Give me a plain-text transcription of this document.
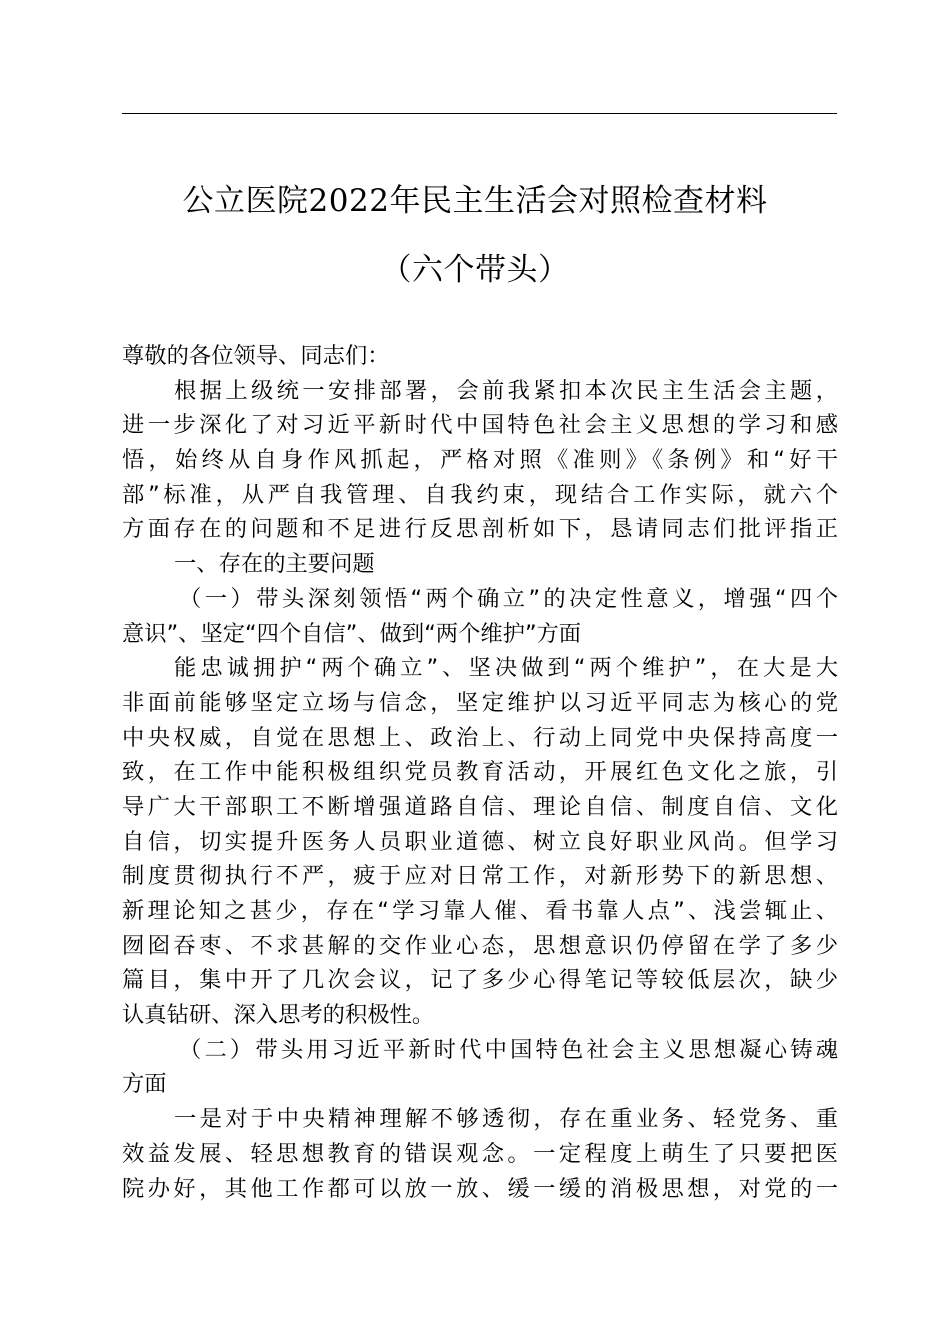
公立医院2022年民主生活会对照检查材料
（六个带头）
尊敬的各位领导、同志们：
根据上级统一安排部署，会前我紧扣本次民主生活会主题，
进一步深化了对习近平新时代中国特色社会主义思想的学习和感
悟，始终从自身作风抓起，严格对照《准则》《条例》和“好干
部”标准，从严自我管理、自我约束，现结合工作实际，就六个
方面存在的问题和不足进行反思剖析如下，恳请同志们批评指正
一、存在的主要问题
（一）带头深刻领悟“两个确立”的决定性意义，增强“四个
意识”、坚定“四个自信”、做到“两个维护”方面
能忠诚拥护“两个确立”、坚决做到“两个维护”，在大是大
非面前能够坚定立场与信念，坚定维护以习近平同志为核心的党
中央权威，自觉在思想上、政治上、行动上同党中央保持高度一
致，在工作中能积极组织党员教育活动，开展红色文化之旅，引
导广大干部职工不断增强道路自信、理论自信、制度自信、文化
自信，切实提升医务人员职业道德、树立良好职业风尚。但学习
制度贯彻执行不严，疲于应对日常工作，对新形势下的新思想、
新理论知之甚少，存在“学习靠人催、看书靠人点”、浅尝辄止、
囫囵吞枣、不求甚解的交作业心态，思想意识仍停留在学了多少
篇目，集中开了几次会议，记了多少心得笔记等较低层次，缺少
认真钻研、深入思考的积极性。
（二）带头用习近平新时代中国特色社会主义思想凝心铸魂
方面
一是对于中央精神理解不够透彻，存在重业务、轻党务、重
效益发展、轻思想教育的错误观念。一定程度上萌生了只要把医
院办好，其他工作都可以放一放、缓一缓的消极思想，对党的一
